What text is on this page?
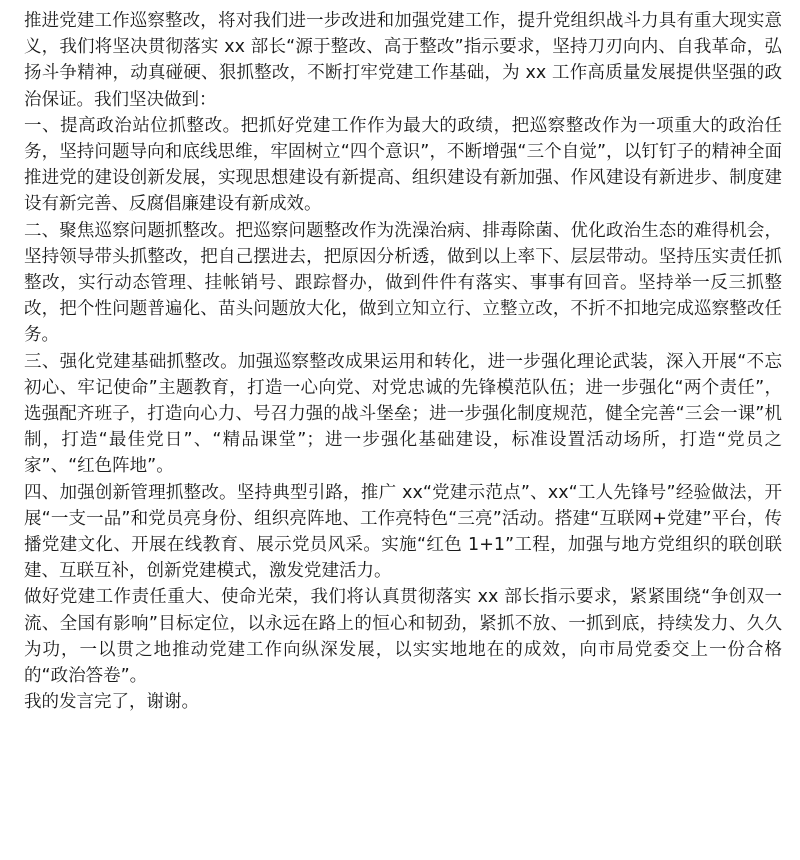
推进党建工作巡察整改，将对我们进一步改进和加强党建工作，提升党组织战斗力具有重大现实意义，我们将坚决贯彻落实 xx 部长“源于整改、高于整改”指示要求，坚持刀刃向内、自我革命，弘扬斗争精神，动真碰硬、狠抓整改，不断打牢党建工作基础，为 xx 工作高质量发展提供坚强的政治保证。我们坚决做到：

一、提高政治站位抓整改。把抓好党建工作作为最大的政绩，把巡察整改作为一项重大的政治任务，坚持问题导向和底线思维，牢固树立“四个意识”，不断增强“三个自觉”，以钉钉子的精神全面推进党的建设创新发展，实现思想建设有新提高、组织建设有新加强、作风建设有新进步、制度建设有新完善、反腐倡廉建设有新成效。

二、聚焦巡察问题抓整改。把巡察问题整改作为洗澡治病、排毒除菌、优化政治生态的难得机会，坚持领导带头抓整改，把自己摆进去，把原因分析透，做到以上率下、层层带动。坚持压实责任抓整改，实行动态管理、挂帐销号、跟踪督办，做到件件有落实、事事有回音。坚持举一反三抓整改，把个性问题普遍化、苗头问题放大化，做到立知立行、立整立改，不折不扣地完成巡察整改任务。

三、强化党建基础抓整改。加强巡察整改成果运用和转化，进一步强化理论武装，深入开展“不忘初心、牢记使命”主题教育，打造一心向党、对党忠诚的先锋模范队伍；进一步强化“两个责任”，选强配齐班子，打造向心力、号召力强的战斗堡垒；进一步强化制度规范，健全完善“三会一课”机制，打造“最佳党日”、“精品课堂”；进一步强化基础建设，标准设置活动场所，打造“党员之家”、“红色阵地”。

四、加强创新管理抓整改。坚持典型引路，推广 xx“党建示范点”、xx“工人先锋号”经验做法，开展“一支一品”和党员亮身份、组织亮阵地、工作亮特色“三亮”活动。搭建“互联网+党建”平台，传播党建文化、开展在线教育、展示党员风采。实施“红色 1+1”工程，加强与地方党组织的联创联建、互联互补，创新党建模式，激发党建活力。

做好党建工作责任重大、使命光荣，我们将认真贯彻落实 xx 部长指示要求，紧紧围绕“争创双一流、全国有影响”目标定位，以永远在路上的恒心和韧劲，紧抓不放、一抓到底，持续发力、久久为功，一以贯之地推动党建工作向纵深发展，以实实地地在的成效，向市局党委交上一份合格的“政治答卷”。

我的发言完了，谢谢。
